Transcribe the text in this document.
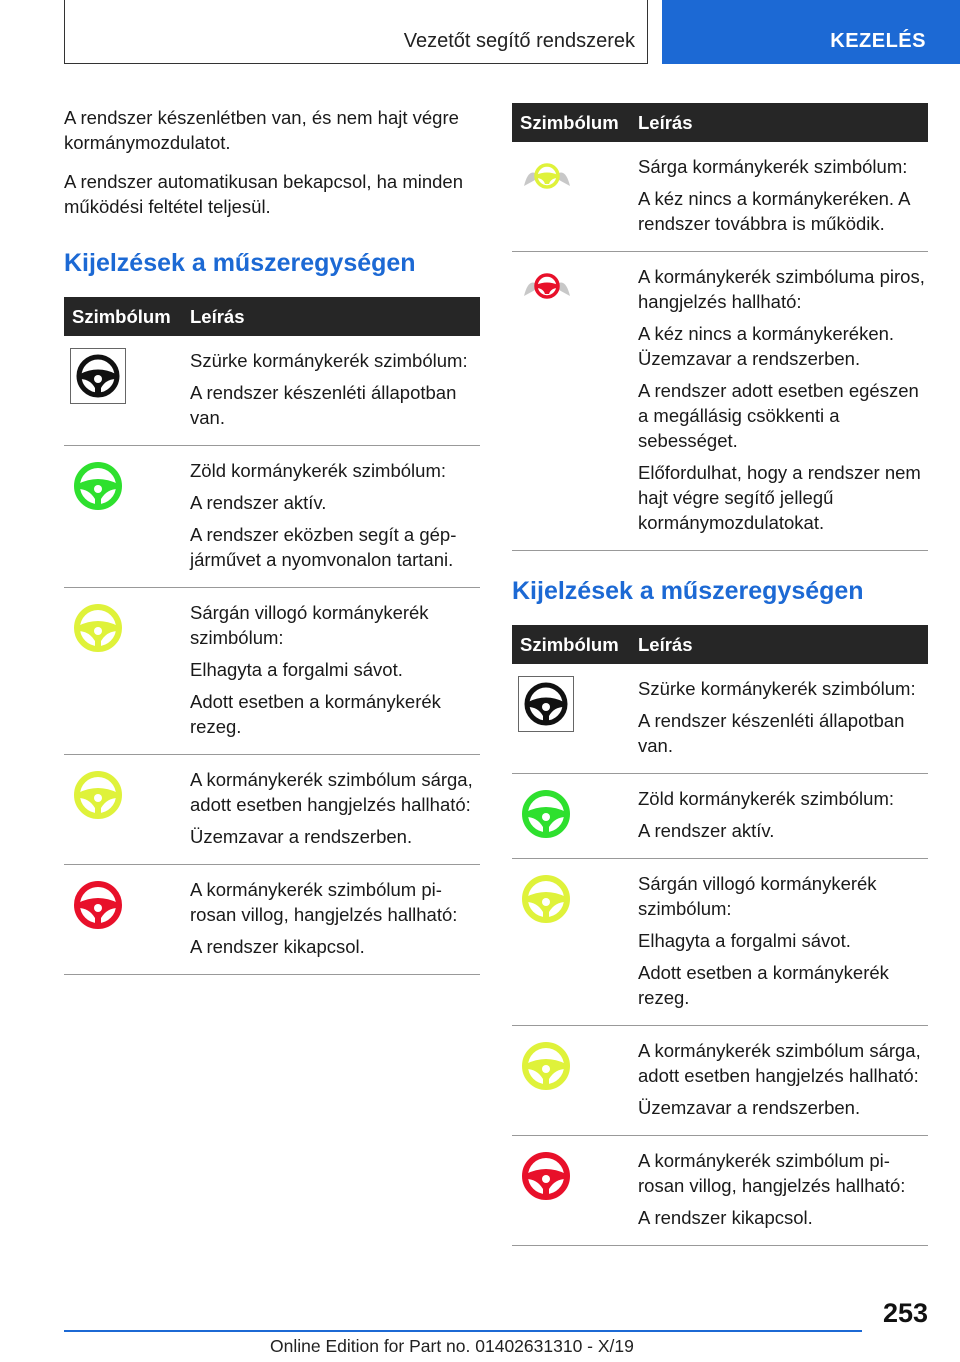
Vezetőt segítő rendszerek	KEZELÉS

A rendszer készenlétben van, és nem hajt végre kormánymozdulatot.

A rendszer automatikusan bekapcsol, ha minden működési feltétel teljesül.

Kijelzések a műszeregységen
Szimbólum	Leírás

Szürke kormánykerék szimbólum:
A rendszer készenléti állapotban van.

Zöld kormánykerék szimbólum:
A rendszer aktív.
A rendszer eközben segít a gépjárművet a nyomvonalon tartani.

Sárgán villogó kormánykerék szimbólum:
Elhagyta a forgalmi sávot.
Adott esetben a kormánykerék rezeg.

A kormánykerék szimbólum sárga, adott esetben hangjelzés hallható:
Üzemzavar a rendszerben.

A kormánykerék szimbólum pirosan villog, hangjelzés hallható:
A rendszer kikapcsol.
Szimbólum	Leírás

Sárga kormánykerék szimbólum:
A kéz nincs a kormánykeréken. A rendszer továbbra is működik.

A kormánykerék szimbóluma piros, hangjelzés hallható:
A kéz nincs a kormánykeréken. Üzemzavar a rendszerben.
A rendszer adott esetben egészen a megállásig csökkenti a sebességet.
Előfordulhat, hogy a rendszer nem hajt végre segítő jellegű kormánymozdulatokat.
Kijelzések a műszeregységen
Szimbólum	Leírás

Szürke kormánykerék szimbólum:
A rendszer készenléti állapotban van.

Zöld kormánykerék szimbólum:
A rendszer aktív.

Sárgán villogó kormánykerék szimbólum:
Elhagyta a forgalmi sávot.
Adott esetben a kormánykerék rezeg.

A kormánykerék szimbólum sárga, adott esetben hangjelzés hallható:
Üzemzavar a rendszerben.

A kormánykerék szimbólum pirosan villog, hangjelzés hallható:
A rendszer kikapcsol.
253
Online Edition for Part no. 01402631310 - X/19
